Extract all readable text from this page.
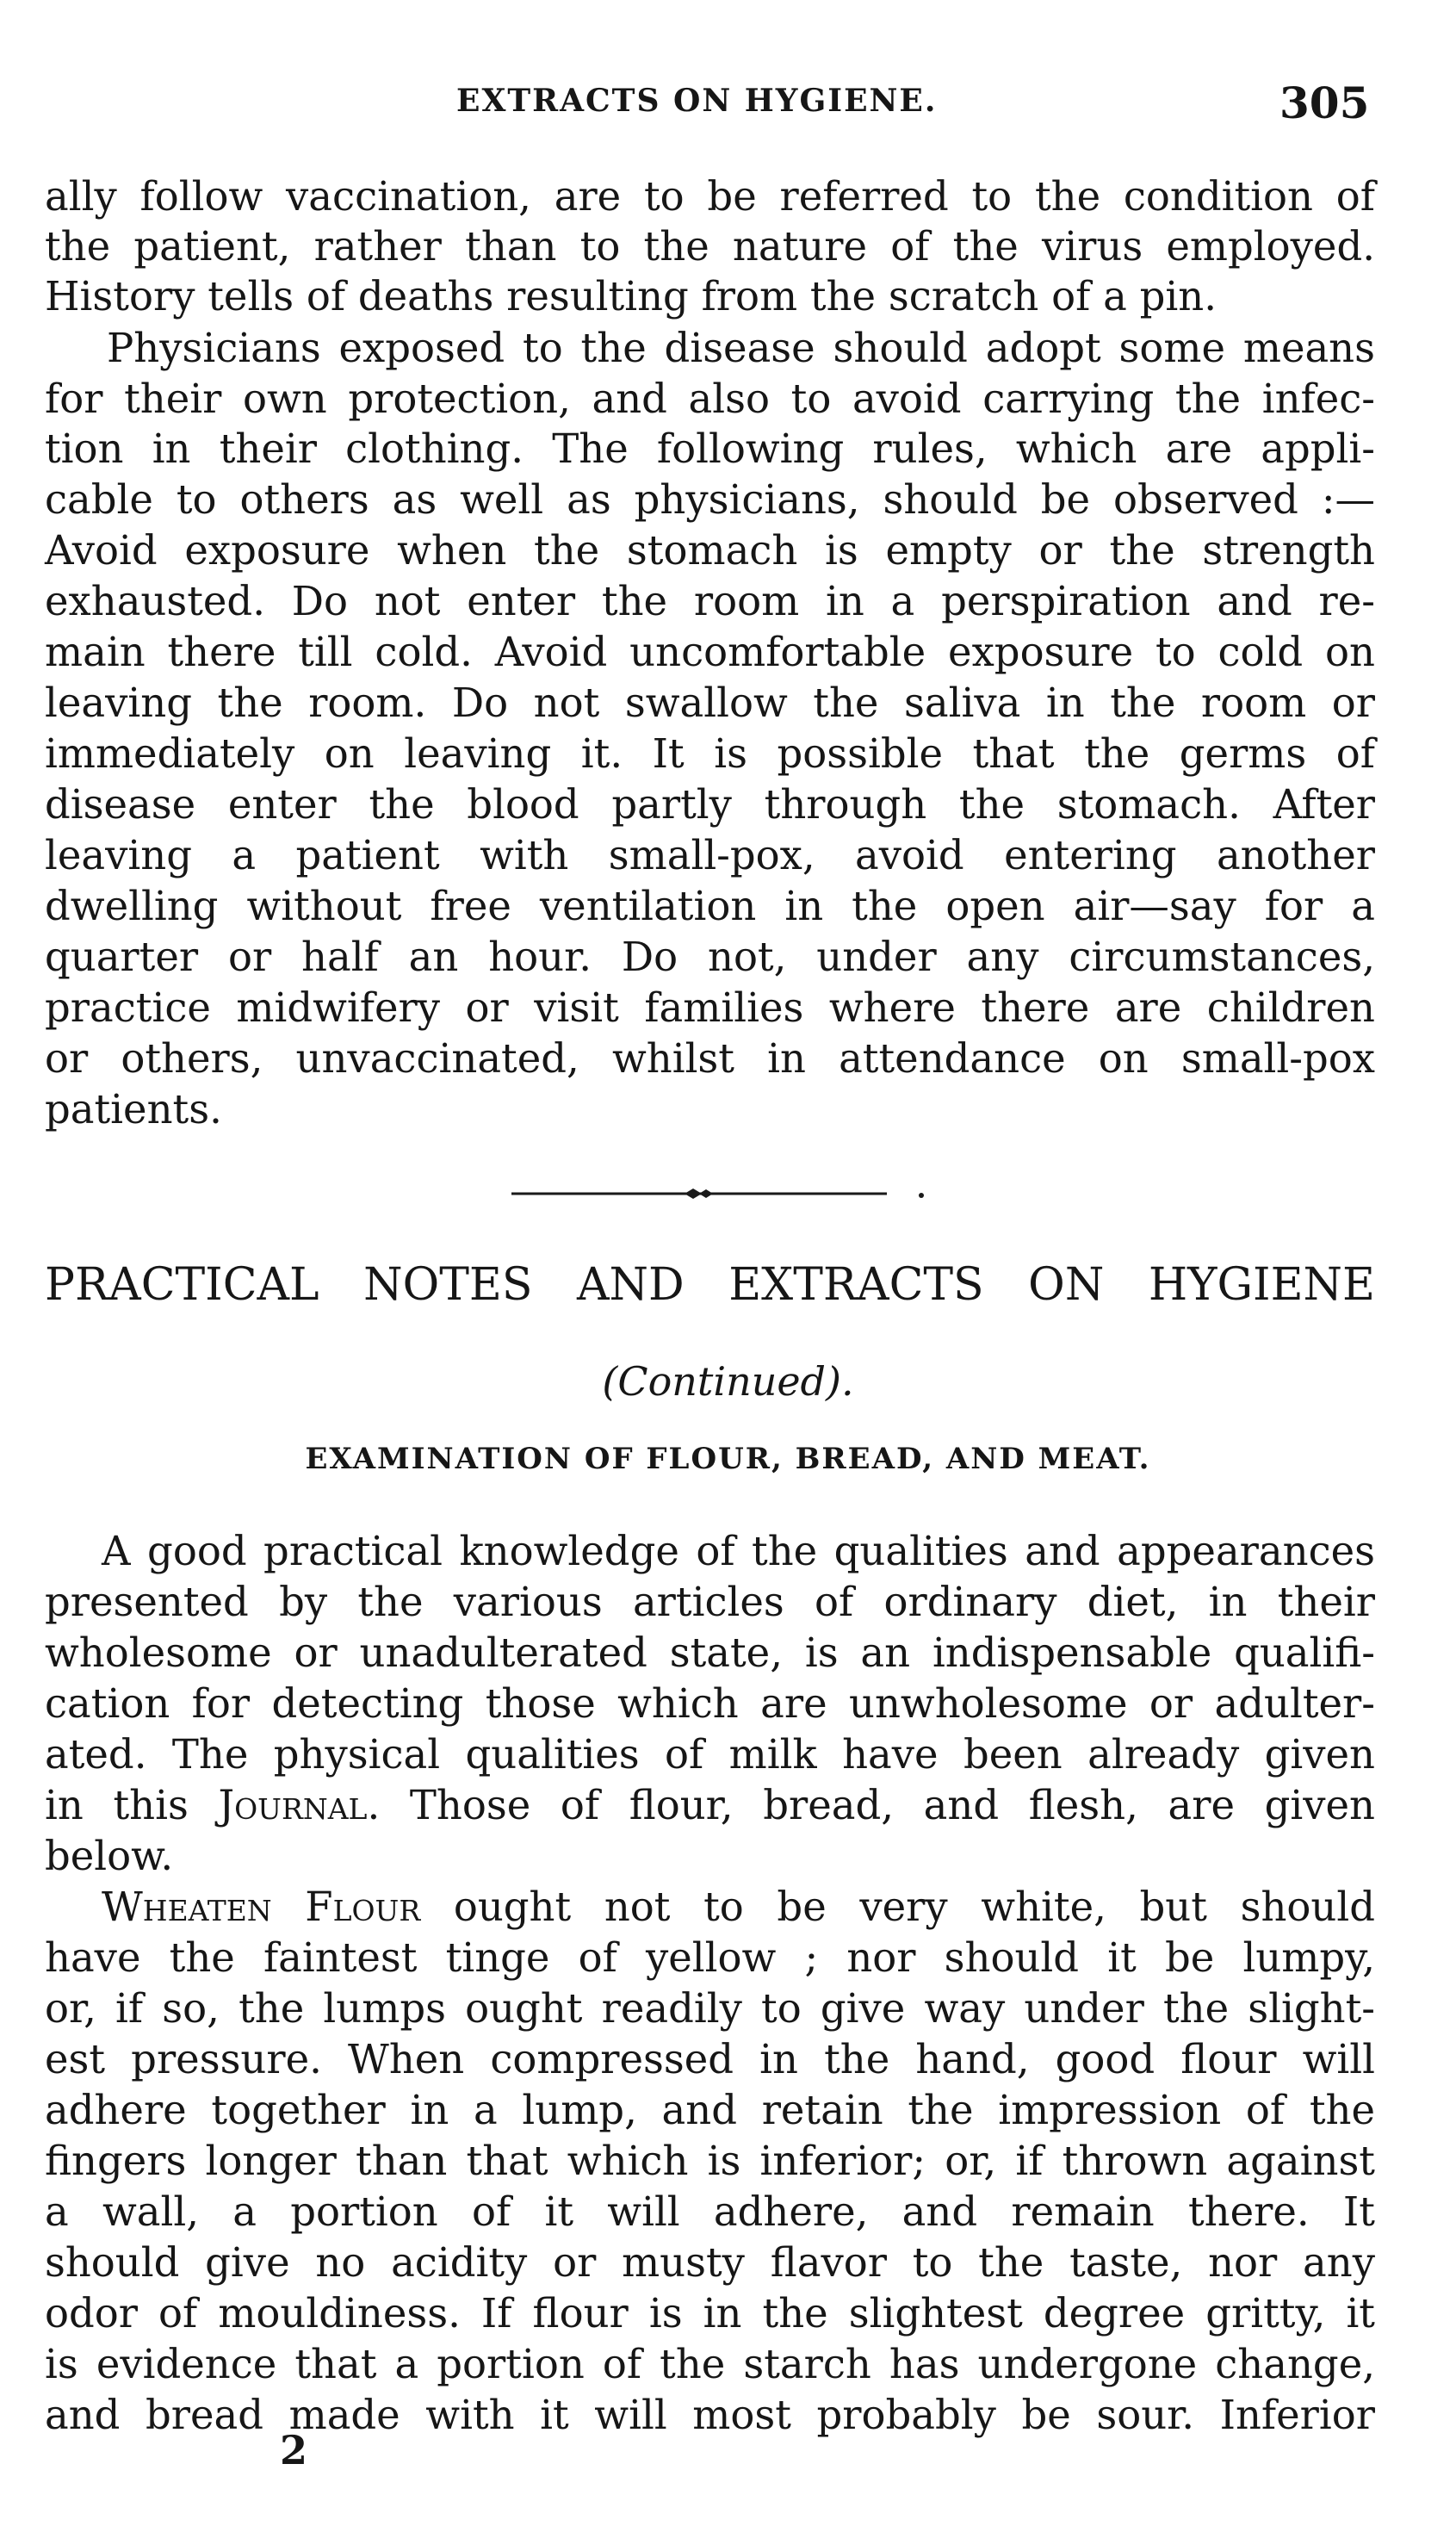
EXTRACTS ON HYGIENE.	305
ally follow vaccination, are to be referred to the condition of
the patient, rather than to the nature of the virus employed.
History tells of deaths resulting from the scratch of a pin.
Physicians exposed to the disease should adopt some means
for their own protection, and also to avoid carrying the infec-
tion in their clothing. The following rules, which are appli-
cable to others as well as physicians, should be observed :—
Avoid exposure when the stomach is empty or the strength
exhausted. Do not enter the room in a perspiration and re-
main there till cold. Avoid uncomfortable exposure to cold on
leaving the room. Do not swallow the saliva in the room or
immediately on leaving it. It is possible that the germs of
disease enter the blood partly through the stomach. After
leaving a patient with small-pox, avoid entering another
dwelling without free ventilation in the open air—say for a
quarter or half an hour. Do not, under any circumstances,
practice midwifery or visit families where there are children
or others, unvaccinated, whilst in attendance on small-pox
patients.
PRACTICAL NOTES AND EXTRACTS ON HYGIENE
(Continued).
EXAMINATION OF FLOUR, BREAD, AND MEAT.
A good practical knowledge of the qualities and appearances
presented by the various articles of ordinary diet, in their
wholesome or unadulterated state, is an indispensable qualifi-
cation for detecting those which are unwholesome or adulter-
ated. The physical qualities of milk have been already given
in this Journal. Those of flour, bread, and flesh, are given
below.
Wheaten Flour ought not to be very white, but should
have the faintest tinge of yellow ; nor should it be lumpy,
or, if so, the lumps ought readily to give way under the slight-
est pressure. When compressed in the hand, good flour will
adhere together in a lump, and retain the impression of the
fingers longer than that which is inferior; or, if thrown against
a wall, a portion of it will adhere, and remain there. It
should give no acidity or musty flavor to the taste, nor any
odor of mouldiness. If flour is in the slightest degree gritty, it
is evidence that a portion of the starch has undergone change,
and bread made with it will most probably be sour. Inferior
2
